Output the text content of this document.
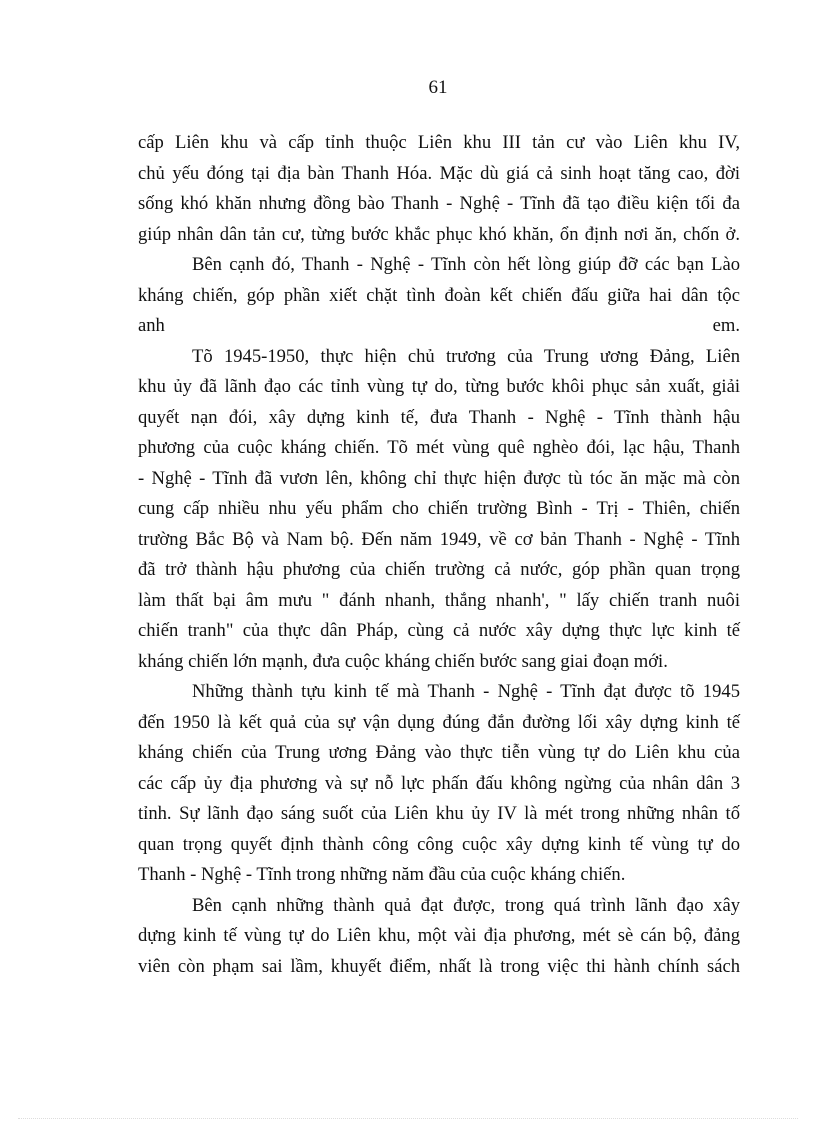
61

cấp Liên khu và cấp tỉnh thuộc Liên khu III tản cư vào Liên khu IV,
chủ yếu đóng tại địa bàn Thanh Hóa. Mặc dù giá cả sinh hoạt tăng cao, đời
sống khó khăn nhưng đồng bào Thanh - Nghệ - Tĩnh đã tạo điều kiện tối đa
giúp nhân dân tản cư, từng bước khắc phục khó khăn, ổn định nơi ăn, chốn ở.

Bên cạnh đó, Thanh - Nghệ - Tĩnh còn hết lòng giúp đỡ các bạn Lào
kháng chiến, góp phần xiết chặt tình đoàn kết chiến đấu giữa hai dân tộc
anh em.

Tõ 1945-1950, thực hiện chủ trương của Trung ương Đảng, Liên
khu ủy đã lãnh đạo các tỉnh vùng tự do, từng bước khôi phục sản xuất, giải
quyết nạn đói, xây dựng kinh tế, đưa Thanh - Nghệ - Tĩnh thành hậu
phương của cuộc kháng chiến. Tõ mét vùng quê nghèo đói, lạc hậu, Thanh
- Nghệ - Tĩnh đã vươn lên, không chỉ thực hiện được tù tóc ăn mặc mà còn
cung cấp nhiều nhu yếu phẩm cho chiến trường Bình - Trị - Thiên, chiến
trường Bắc Bộ và Nam bộ. Đến năm 1949, về cơ bản Thanh - Nghệ - Tĩnh
đã trở thành hậu phương của chiến trường cả nước, góp phần quan trọng
làm thất bại âm mưu " đánh nhanh, thắng nhanh', " lấy chiến tranh nuôi
chiến tranh" của thực dân Pháp, cùng cả nước xây dựng thực lực kinh tế
kháng chiến lớn mạnh, đưa cuộc kháng chiến bước sang giai đoạn mới.

Những thành tựu kinh tế mà Thanh - Nghệ - Tĩnh đạt được tõ 1945
đến 1950 là kết quả của sự vận dụng đúng đắn đường lối xây dựng kinh tế
kháng chiến của Trung ương Đảng vào thực tiễn vùng tự do Liên khu của
các cấp ủy địa phương và sự nỗ lực phấn đấu không ngừng của nhân dân 3
tỉnh. Sự lãnh đạo sáng suốt của Liên khu ủy IV là mét trong những nhân tố
quan trọng quyết định thành công công cuộc xây dựng kinh tế vùng tự do
Thanh - Nghệ - Tĩnh trong những năm đầu của cuộc kháng chiến.

Bên cạnh những thành quả đạt được, trong quá trình lãnh đạo xây
dựng kinh tế vùng tự do Liên khu, một vài địa phương, mét sè cán bộ, đảng
viên còn phạm sai lầm, khuyết điểm, nhất là trong việc thi hành chính sách
